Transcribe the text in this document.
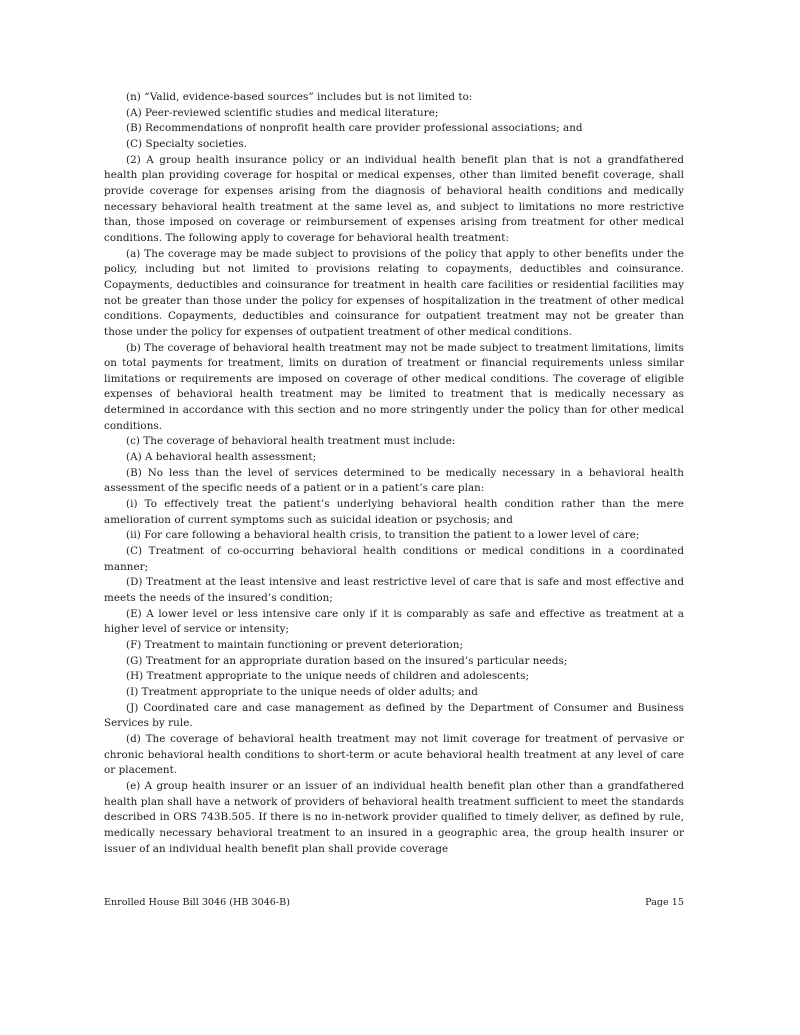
(n) “Valid, evidence-based sources” includes but is not limited to:

(A) Peer-reviewed scientific studies and medical literature;

(B) Recommendations of nonprofit health care provider professional associations; and

(C) Specialty societies.

(2) A group health insurance policy or an individual health benefit plan that is not a grandfathered health plan providing coverage for hospital or medical expenses, other than limited benefit coverage, shall provide coverage for expenses arising from the diagnosis of behavioral health conditions and medically necessary behavioral health treatment at the same level as, and subject to limitations no more restrictive than, those imposed on coverage or reimbursement of expenses arising from treatment for other medical conditions. The following apply to coverage for behavioral health treatment:

(a) The coverage may be made subject to provisions of the policy that apply to other benefits under the policy, including but not limited to provisions relating to copayments, deductibles and coinsurance. Copayments, deductibles and coinsurance for treatment in health care facilities or residential facilities may not be greater than those under the policy for expenses of hospitalization in the treatment of other medical conditions. Copayments, deductibles and coinsurance for outpatient treatment may not be greater than those under the policy for expenses of outpatient treatment of other medical conditions.

(b) The coverage of behavioral health treatment may not be made subject to treatment limitations, limits on total payments for treatment, limits on duration of treatment or financial requirements unless similar limitations or requirements are imposed on coverage of other medical conditions. The coverage of eligible expenses of behavioral health treatment may be limited to treatment that is medically necessary as determined in accordance with this section and no more stringently under the policy than for other medical conditions.

(c) The coverage of behavioral health treatment must include:

(A) A behavioral health assessment;

(B) No less than the level of services determined to be medically necessary in a behavioral health assessment of the specific needs of a patient or in a patient’s care plan:

(i) To effectively treat the patient’s underlying behavioral health condition rather than the mere amelioration of current symptoms such as suicidal ideation or psychosis; and

(ii) For care following a behavioral health crisis, to transition the patient to a lower level of care;

(C) Treatment of co-occurring behavioral health conditions or medical conditions in a coordinated manner;

(D) Treatment at the least intensive and least restrictive level of care that is safe and most effective and meets the needs of the insured’s condition;

(E) A lower level or less intensive care only if it is comparably as safe and effective as treatment at a higher level of service or intensity;

(F) Treatment to maintain functioning or prevent deterioration;

(G) Treatment for an appropriate duration based on the insured’s particular needs;

(H) Treatment appropriate to the unique needs of children and adolescents;

(I) Treatment appropriate to the unique needs of older adults; and

(J) Coordinated care and case management as defined by the Department of Consumer and Business Services by rule.

(d) The coverage of behavioral health treatment may not limit coverage for treatment of pervasive or chronic behavioral health conditions to short-term or acute behavioral health treatment at any level of care or placement.

(e) A group health insurer or an issuer of an individual health benefit plan other than a grandfathered health plan shall have a network of providers of behavioral health treatment sufficient to meet the standards described in ORS 743B.505. If there is no in-network provider qualified to timely deliver, as defined by rule, medically necessary behavioral treatment to an insured in a geographic area, the group health insurer or issuer of an individual health benefit plan shall provide coverage

Enrolled House Bill 3046 (HB 3046-B)	Page 15
